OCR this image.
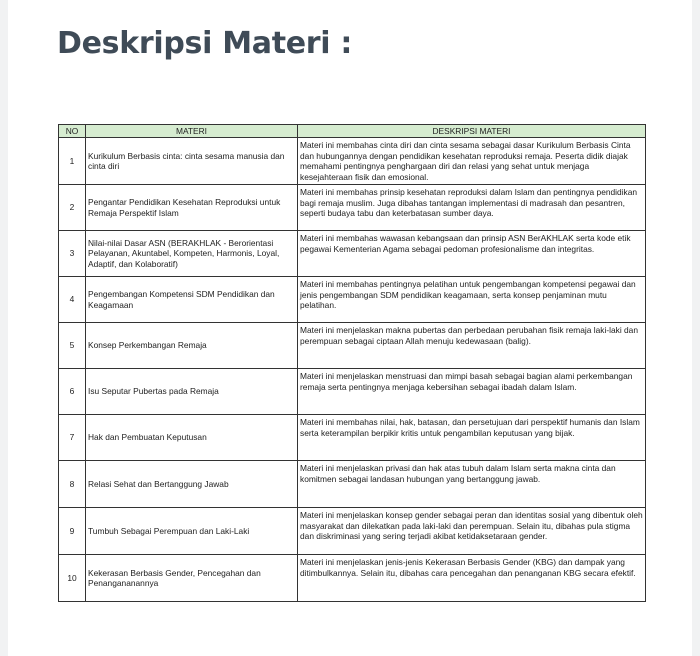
Deskripsi Materi :
NO	MATERI	DESKRIPSI MATERI
1	Kurikulum Berbasis cinta: cinta sesama manusia dan cinta diri	Materi ini membahas cinta diri dan cinta sesama sebagai dasar Kurikulum Berbasis Cinta dan hubungannya dengan pendidikan kesehatan reproduksi remaja. Peserta didik diajak memahami pentingnya penghargaan diri dan relasi yang sehat untuk menjaga kesejahteraan fisik dan emosional.
2	Pengantar Pendidikan Kesehatan Reproduksi untuk Remaja Perspektif Islam	Materi ini membahas prinsip kesehatan reproduksi dalam Islam dan pentingnya pendidikan bagi remaja muslim. Juga dibahas tantangan implementasi di madrasah dan pesantren, seperti budaya tabu dan keterbatasan sumber daya.
3	Nilai-nilai Dasar ASN (BERAKHLAK - Berorientasi Pelayanan, Akuntabel, Kompeten, Harmonis, Loyal, Adaptif, dan Kolaboratif)	Materi ini membahas wawasan kebangsaan dan prinsip ASN BerAKHLAK serta kode etik pegawai Kementerian Agama sebagai pedoman profesionalisme dan integritas.
4	Pengembangan Kompetensi SDM Pendidikan dan Keagamaan	Materi ini membahas pentingnya pelatihan untuk pengembangan kompetensi pegawai dan jenis pengembangan SDM pendidikan keagamaan, serta konsep penjaminan mutu pelatihan.
5	Konsep Perkembangan Remaja	Materi ini menjelaskan makna pubertas dan perbedaan perubahan fisik remaja laki-laki dan perempuan sebagai ciptaan Allah menuju kedewasaan (balig).
6	Isu Seputar Pubertas pada Remaja	Materi ini menjelaskan menstruasi dan mimpi basah sebagai bagian alami perkembangan remaja serta pentingnya menjaga kebersihan sebagai ibadah dalam Islam.
7	Hak dan Pembuatan Keputusan	Materi ini membahas nilai, hak, batasan, dan persetujuan dari perspektif humanis dan Islam serta keterampilan berpikir kritis untuk pengambilan keputusan yang bijak.
8	Relasi Sehat dan Bertanggung Jawab	Materi ini menjelaskan privasi dan hak atas tubuh dalam Islam serta makna cinta dan komitmen sebagai landasan hubungan yang bertanggung jawab.
9	Tumbuh Sebagai Perempuan dan Laki-Laki	Materi ini menjelaskan konsep gender sebagai peran dan identitas sosial yang dibentuk oleh masyarakat dan dilekatkan pada laki-laki dan perempuan. Selain itu, dibahas pula stigma dan diskriminasi yang sering terjadi akibat ketidaksetaraan gender.
10	Kekerasan Berbasis Gender, Pencegahan dan Penangananannya	Materi ini menjelaskan jenis-jenis Kekerasan Berbasis Gender (KBG) dan dampak yang ditimbulkannya. Selain itu, dibahas cara pencegahan dan penanganan KBG secara efektif.
